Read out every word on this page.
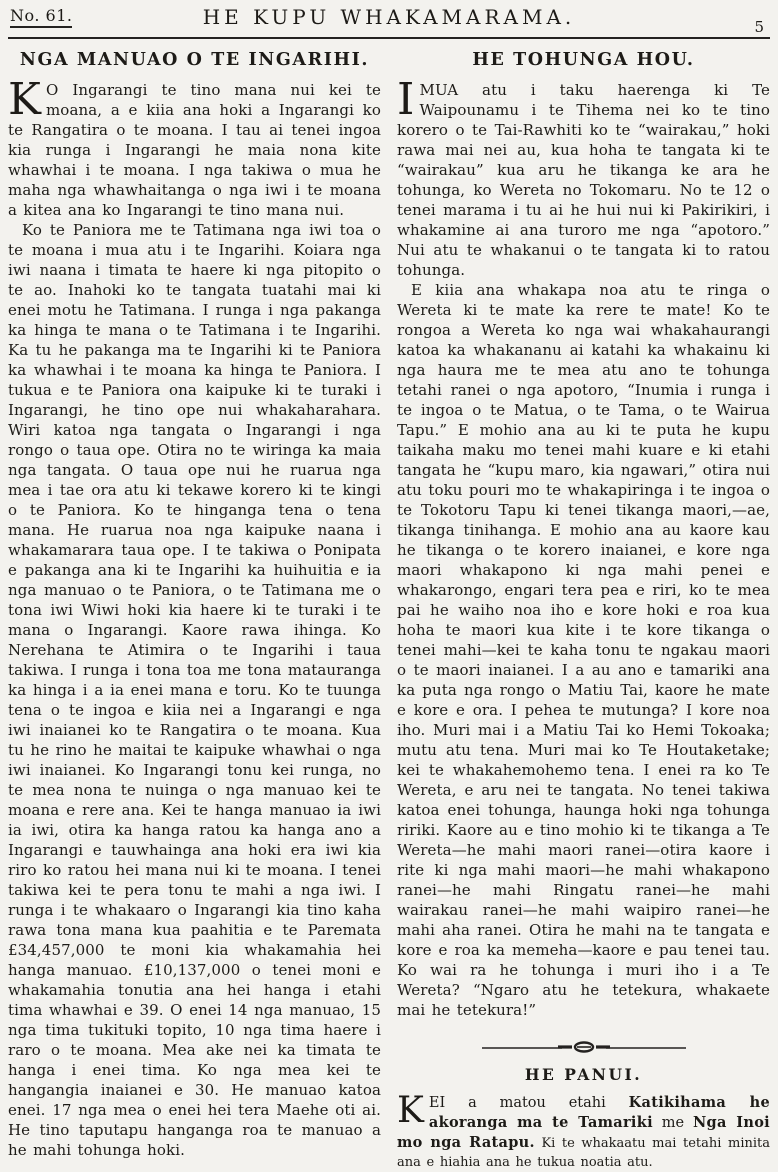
No. 61.	HE KUPU WHAKAMARAMA.	5
NGA MANUAO O TE INGARIHI.

K O Ingarangi te tino mana nui kei te moana, a e kiia ana hoki a Ingarangi ko te Rangatira o te moana. I tau ai tenei ingoa kia runga i Ingarangi he maia nona kite whawhai i te moana. I nga takiwa o mua he maha nga whawhaitanga o nga iwi i te moana a kitea ana ko Ingarangi te tino mana nui.

Ko te Paniora me te Tatimana nga iwi toa o te moana i mua atu i te Ingarihi. Koiara nga iwi naana i timata te haere ki nga pitopito o te ao. Inahoki ko te tangata tuatahi mai ki enei motu he Tatimana. I runga i nga pakanga ka hinga te mana o te Tatimana i te Ingarihi. Ka tu he pakanga ma te Ingarihi ki te Paniora ka whawhai i te moana ka hinga te Paniora. I tukua e te Paniora ona kaipuke ki te turaki i Ingarangi, he tino ope nui whakaharahara. Wiri katoa nga tangata o Ingarangi i nga rongo o taua ope. Otira no te wiringa ka maia nga tangata. O taua ope nui he ruarua nga mea i tae ora atu ki tekawe korero ki te kingi o te Paniora. Ko te hinganga tena o tena mana. He ruarua noa nga kaipuke naana i whakamarara taua ope. I te takiwa o Ponipata e pakanga ana ki te Ingarihi ka huihuitia e ia nga manuao o te Paniora, o te Tatimana me o tona iwi Wiwi hoki kia haere ki te turaki i te mana o Ingarangi. Kaore rawa ihinga. Ko Nerehana te Atimira o te Ingarihi i taua takiwa. I runga i tona toa me tona matauranga ka hinga i a ia enei mana e toru. Ko te tuunga tena o te ingoa e kiia nei a Ingarangi e nga iwi inaianei ko te Rangatira o te moana. Kua tu he rino he maitai te kaipuke whawhai o nga iwi inaianei. Ko Ingarangi tonu kei runga, no te mea nona te nuinga o nga manuao kei te moana e rere ana. Kei te hanga manuao ia iwi ia iwi, otira ka hanga ratou ka hanga ano a Ingarangi e tauwhainga ana hoki era iwi kia riro ko ratou hei mana nui ki te moana. I tenei takiwa kei te pera tonu te mahi a nga iwi. I runga i te whakaaro o Ingarangi kia tino kaha rawa tona mana kua paahitia e te Paremata £34,457,000 te moni kia whakamahia hei hanga manuao. £10,137,000 o tenei moni e whakamahia tonutia ana hei hanga i etahi tima whawhai e 39. O enei 14 nga manuao, 15 nga tima tukituki topito, 10 nga tima haere i raro o te moana. Mea ake nei ka timata te hanga i enei tima. Ko nga mea kei te hangangia inaianei e 30. He manuao katoa enei. 17 nga mea o enei hei tera Maehe oti ai. He tino taputapu hanganga roa te manuao a he mahi tohunga hoki.

HE TOHUNGA HOU.

IMUA atu i taku haerenga ki Te Waipounamu i te Tihema nei ko te tino korero o te Tai-Rawhiti ko te “wairakau,” hoki rawa mai nei au, kua hoha te tangata ki te “wairakau” kua aru he tikanga ke ara he tohunga, ko Wereta no Tokomaru. No te 12 o tenei marama i tu ai he hui nui ki Pakirikiri, i whakamine ai ana turoro me nga “apotoro.” Nui atu te whakanui o te tangata ki to ratou tohunga.

E kiia ana whakapa noa atu te ringa o Wereta ki te mate ka rere te mate! Ko te rongoa a Wereta ko nga wai whakahaurangi katoa ka whakananu ai katahi ka whakainu ki nga haura me te mea atu ano te tohunga tetahi ranei o nga apotoro, “Inumia i runga i te ingoa o te Matua, o te Tama, o te Wairua Tapu.” E mohio ana au ki te puta he kupu taikaha maku mo tenei mahi kuare e ki etahi tangata he “kupu maro, kia ngawari,” otira nui atu toku pouri mo te whakapiringa i te ingoa o te Tokotoru Tapu ki tenei tikanga maori,—ae, tikanga tinihanga. E mohio ana au kaore kau he tikanga o te korero inaianei, e kore nga maori whakapono ki nga mahi penei e whakarongo, engari tera pea e riri, ko te mea pai he waiho noa iho e kore hoki e roa kua hoha te maori kua kite i te kore tikanga o tenei mahi—kei te kaha tonu te ngakau maori o te maori inaianei. I a au ano e tamariki ana ka puta nga rongo o Matiu Tai, kaore he mate e kore e ora. I pehea te mutunga? I kore noa iho. Muri mai i a Matiu Tai ko Hemi Tokoaka; mutu atu tena. Muri mai ko Te Houtaketake; kei te whakahemohemo tena. I enei ra ko Te Wereta, e aru nei te tangata. No tenei takiwa katoa enei tohunga, haunga hoki nga tohunga ririki. Kaore au e tino mohio ki te tikanga a Te Wereta—he mahi maori ranei—otira kaore i rite ki nga mahi maori—he mahi whakapono ranei—he mahi Ringatu ranei—he mahi wairakau ranei—he mahi waipiro ranei—he mahi aha ranei. Otira he mahi na te tangata e kore e roa ka memeha—kaore e pau tenei tau. Ko wai ra he tohunga i muri iho i a Te Wereta? “Ngaro atu he tetekura, whakaete mai he tetekura!”

HE PANUI.

KEI a matou etahi Katikihama he akoranga ma te Tamariki me Nga Inoi mo nga Ratapu. Ki te whakaatu mai tetahi minita ana e hiahia ana he tukua noatia atu.
